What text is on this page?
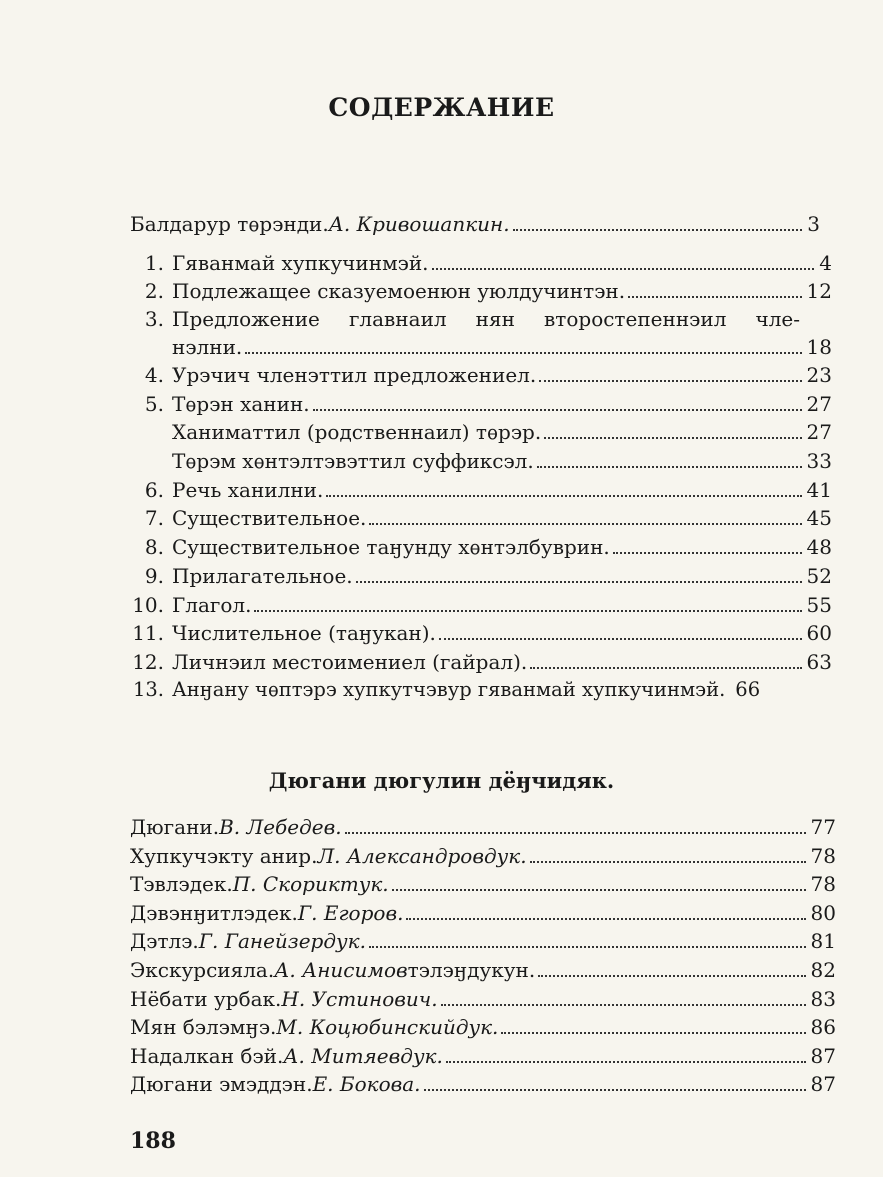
СОДЕРЖАНИЕ
Балдарур тѳрэнди. А. Кривошапкин.	3
1. Гяванмай хупкучинмэй.	4
2. Подлежащее сказуемоенюн уюлдучинтэн.	12
3. Предложение главнаил нян второстепеннэил чле-
нэлни.	18
4. Урэчич членэттил предложениел.	23
5. Тѳрэн ханин.	27
Ханиматтил (родственнаил) тѳрэр.	27
Тѳрэм хѳнтэлтэвэттил суффиксэл.	33
6. Речь ханилни.	41
7. Существительное.	45
8. Существительное таӈунду хѳнтэлбуврин.	48
9. Прилагательное.	52
10. Глагол.	55
11. Числительное (таӈукан).	60
12. Личнэил местоимениел (гайрал).	63
13. Анӈану чѳптэрэ хупкутчэвур гяванмай хупкучинмэй. 66
Дюгани дюгулин дёӈчидяк.
Дюгани. В. Лебедев.	77
Хупкучэкту анир. Л. Александровдук.	78
Тэвлэдек. П. Скориктук.	78
Дэвэнӈитлэдек. Г. Егоров.	80
Дэтлэ. Г. Ганейзердук.	81
Экскурсияла. А. Анисимов тэлэӈдукун.	82
Нёбати урбак. Н. Устинович.	83
Мян бэлэмӈэ. М. Коцюбинскийдук.	86
Надалкан бэй. А. Митяевдук.	87
Дюгани эмэддэн. Е. Бокова.	87
188
